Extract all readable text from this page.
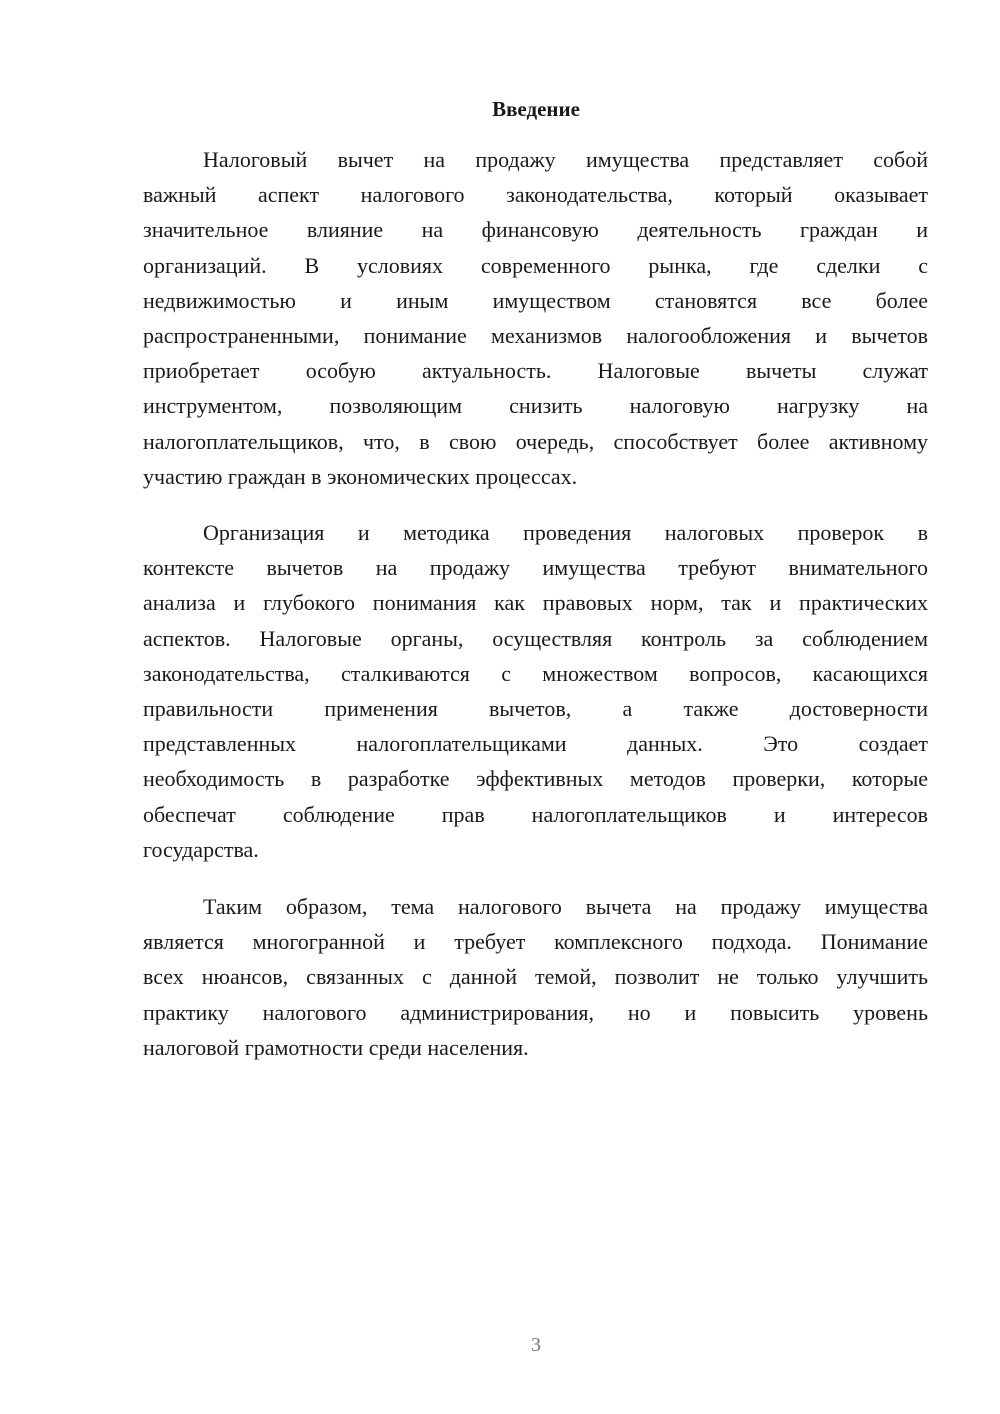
Введение
Налоговый вычет на продажу имущества представляет собой
важный аспект налогового законодательства, который оказывает
значительное влияние на финансовую деятельность граждан и
организаций. В условиях современного рынка, где сделки с
недвижимостью и иным имуществом становятся все более
распространенными, понимание механизмов налогообложения и вычетов
приобретает особую актуальность. Налоговые вычеты служат
инструментом, позволяющим снизить налоговую нагрузку на
налогоплательщиков, что, в свою очередь, способствует более активному
участию граждан в экономических процессах.
Организация и методика проведения налоговых проверок в
контексте вычетов на продажу имущества требуют внимательного
анализа и глубокого понимания как правовых норм, так и практических
аспектов. Налоговые органы, осуществляя контроль за соблюдением
законодательства, сталкиваются с множеством вопросов, касающихся
правильности применения вычетов, а также достоверности
представленных налогоплательщиками данных. Это создает
необходимость в разработке эффективных методов проверки, которые
обеспечат соблюдение прав налогоплательщиков и интересов
государства.
Таким образом, тема налогового вычета на продажу имущества
является многогранной и требует комплексного подхода. Понимание
всех нюансов, связанных с данной темой, позволит не только улучшить
практику налогового администрирования, но и повысить уровень
налоговой грамотности среди населения.
3
